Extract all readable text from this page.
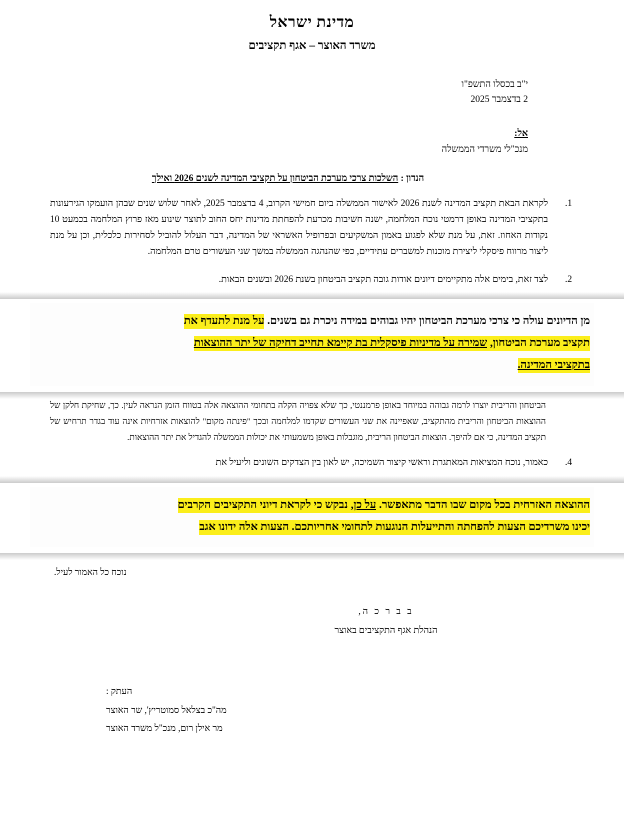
מדינת ישראל
משרד האוצר – אגף תקציבים
י"ב בכסלו התשפ"ו
2 בדצמבר 2025
אל:
מנכ"לי משרדי הממשלה
הנדון : השלכות צרכי מערכת הביטחון על תקציבי המדינה לשנים 2026 ואילך
1.
לקראת הבאת תקציב המדינה לשנת 2026 לאישור הממשלה ביום חמישי הקרוב, 4 בדצמבר 2025, לאחר שלוש שנים שבהן הועמקו הגירעונות בתקציבי המדינה באופן דרמטי נוכח המלחמה, ישנה חשיבות מכרעת להפחתת מדינות יחס החוב לתוצר שינוע מאז פרוץ המלחמה בכמעט 10 נקודות האחוז. זאת, על מנת שלא לפגוע באמון המשקיעים ובפרופיל האשראי של המדינה, דבר העלול להוביל לסחירות כלכלית, וכן על מנת ליצור מרווח פיסקלי ליצירת מוכנות למשברים עתידיים, כפי שהנהגה הממשלה במשך שני העשורים טרם המלחמה.
2.
לצד זאת, בימים אלה מתקיימים דיונים אודות גובה תקציב הביטחון בשנת 2026 ובשנים הבאות.
מן הדיונים עולה כי צרכי מערכת הביטחון יהיו גבוהים במידה ניכרת גם בשנים. על מנת לתעדף את
תקציב מערכת הביטחון, שמירה על מדיניות פיסקלית בת קיימא תחייב דחיקה של יתר ההוצאות
בתקציבי המדינה.
הביטחון והריבית יוצרו לרמה גבוהה במיוחד באופן פרמננטי, כך שלא צפויה הקלה בתחומי ההוצאה אלה בטווח הזמן הנראה לעין. כך, שחיקת חלקן של ההוצאות הביטחון והריבית מהתקציב, שאפיינה את שני העשורים שקדמו למלחמה ובכך "פינתה מקום" להוצאות אזרחיות אינה עוד בגדר תרחיש של תקציב המדינה, כי אם להיפך. הוצאות הביטחון הריבית, מוגבלות באופן משמעותי את יכולות הממשלה להגדיל את יתר ההוצאות.
4.
כאמור, נוכח המציאות המאתגרת וראשי קיצור השמיכה, יש לאון בין הצדקים השונים וליעיל את
ההוצאה האזרחית בכל מקום שבו הדבר מתאפשר. על כן, נבקש כי לקראת דיוני התקציבים הקרבים
יכינו משרדיכם הצעות להפחתה והתייעלות הנוגעות לתחומי אחריותכם. הצעות אלה ידונו אגב
נוכח כל האמור לעיל.
ב ב ר כ ה,
הנהלת אגף התקציבים באוצר
העתק :
מה"כ בצלאל סמוטריץ', שר האוצר
מר אילן רום, מנכ"ל משרד האוצר
